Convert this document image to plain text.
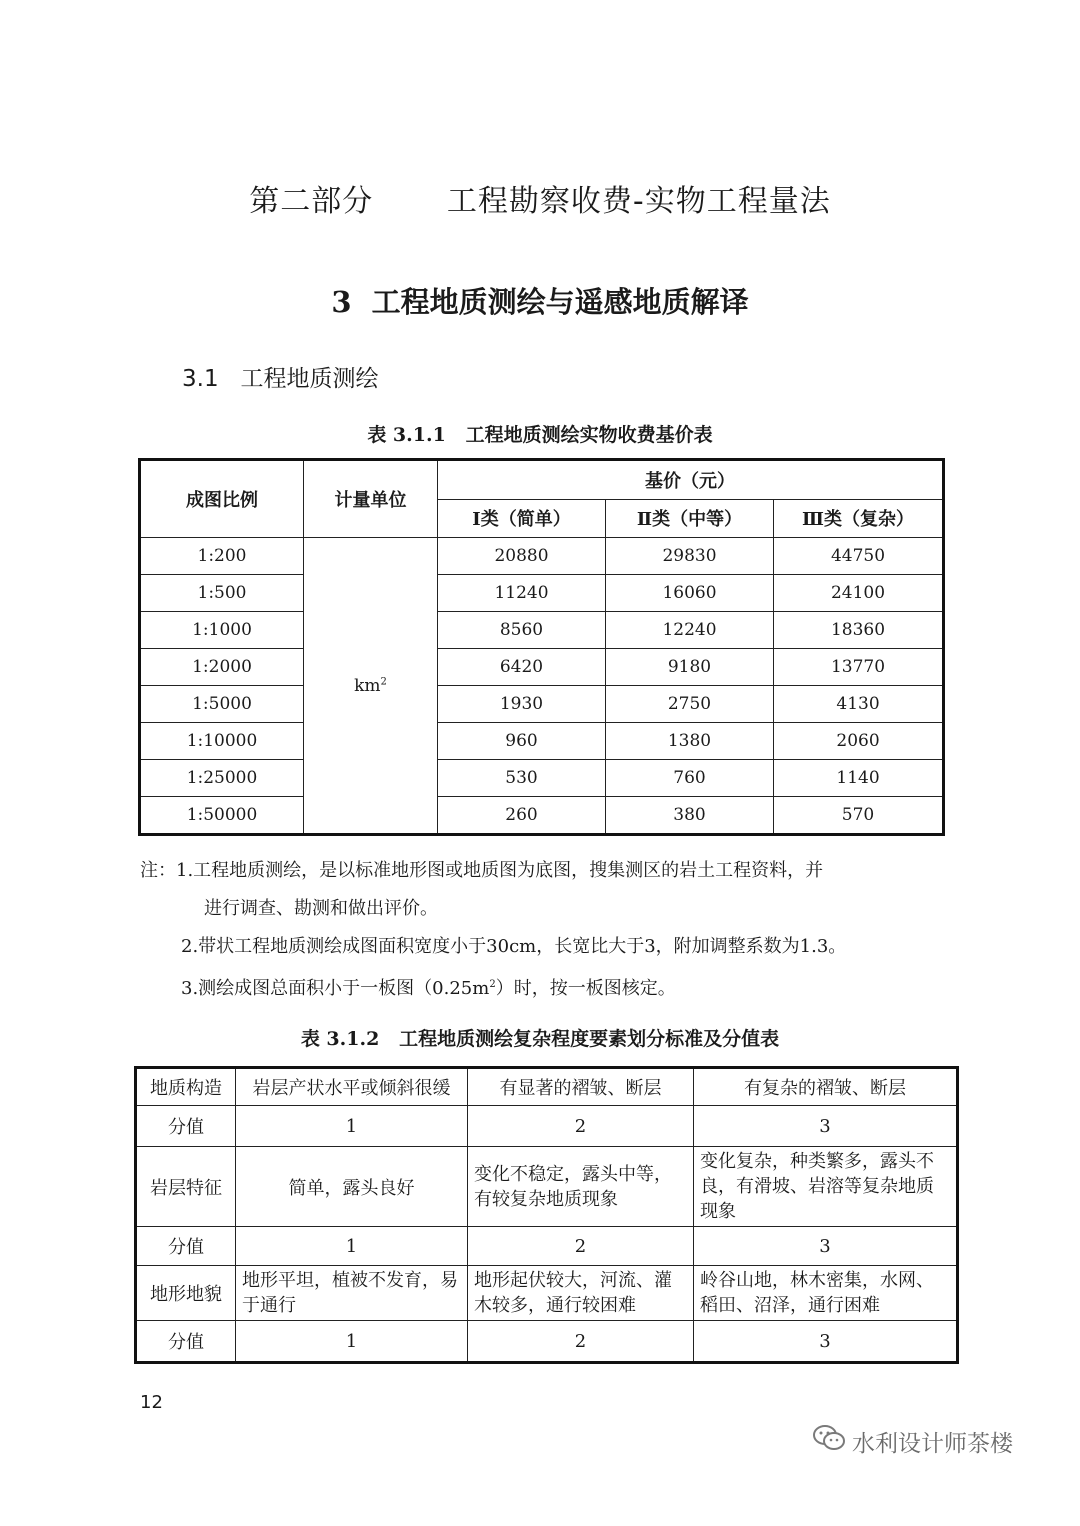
第二部分   工程勘察收费-实物工程量法
3  工程地质测绘与遥感地质解译
3.1   工程地质测绘
表 3.1.1   工程地质测绘实物收费基价表
成图比例	计量单位	基价（元）		
		Ⅰ类（简单）	Ⅱ类（中等）	Ⅲ类（复杂）
1:200	$km^2$	20880	29830	44750
1:500		11240	16060	24100
1:1000		8560	12240	18360
1:2000		6420	9180	13770
1:5000		1930	2750	4130
1:10000		960	1380	2060
1:25000		530	760	1140
1:50000		260	380	570
注：1.工程地质测绘，是以标准地形图或地质图为底图，搜集测区的岩土工程资料，并
进行调查、勘测和做出评价。
2.带状工程地质测绘成图面积宽度小于30cm，长宽比大于3，附加调整系数为1.3。
3.测绘成图总面积小于一板图$(0.25m^2)$时，按一板图核定。
表 3.1.2   工程地质测绘复杂程度要素划分标准及分值表
地质构造	岩层产状水平或倾斜很缓	有显著的褶皱、断层	有复杂的褶皱、断层
分值	1	2	3
岩层特征	简单，露头良好	变化不稳定，露头中等，有较复杂地质现象	变化复杂，种类繁多，露头不良，有滑坡、岩溶等复杂地质现象
分值	1	2	3
地形地貌	地形平坦，植被不发育，易于通行	地形起伏较大，河流、灌木较多，通行较困难	岭谷山地，林木密集，水网、稻田、沼泽，通行困难
分值	1	2	3
12
水利设计师茶楼
